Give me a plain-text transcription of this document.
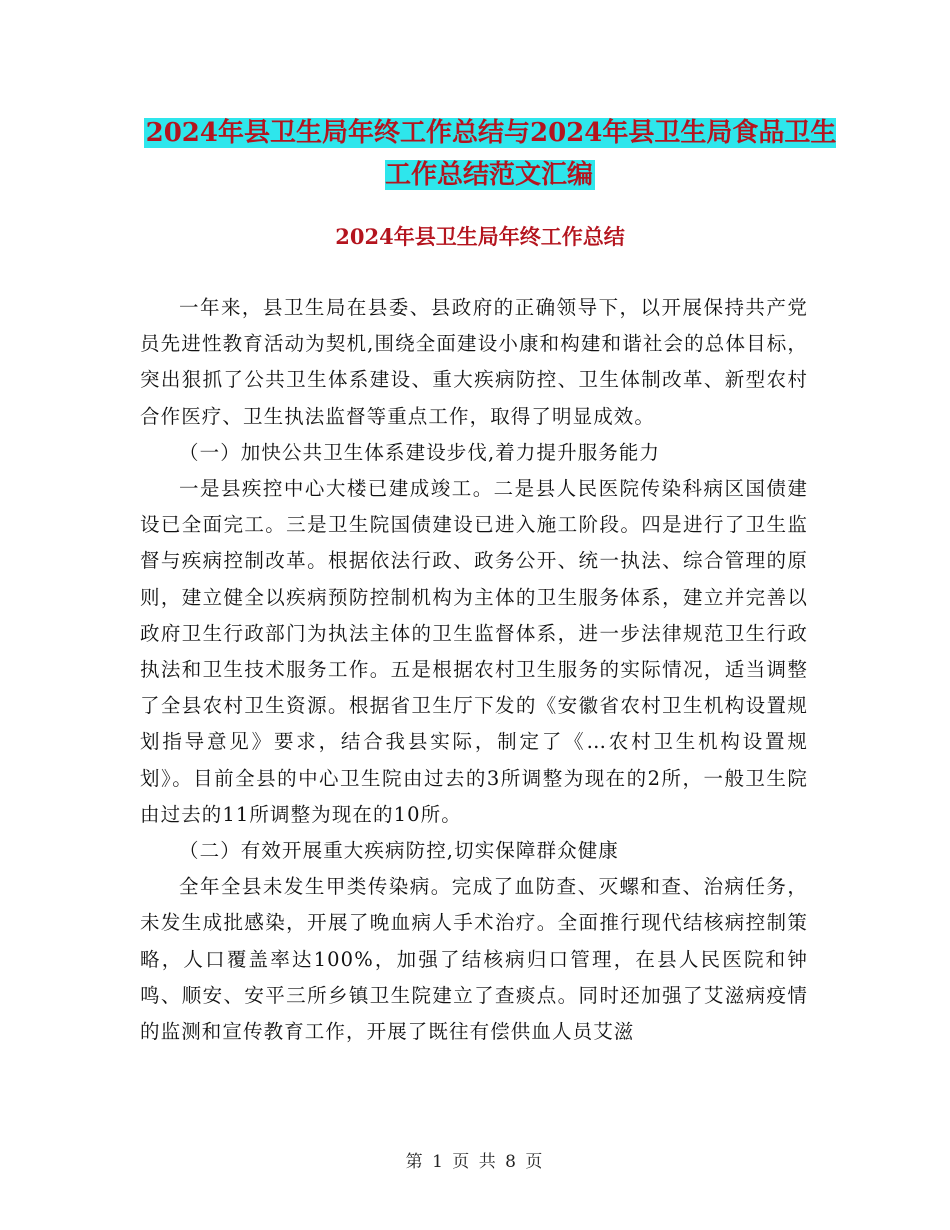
2024年县卫生局年终工作总结与2024年县卫生局食品卫生工作总结范文汇编
2024年县卫生局年终工作总结

一年来，县卫生局在县委、县政府的正确领导下，以开展保持共产党员先进性教育活动为契机,围绕全面建设小康和构建和谐社会的总体目标，突出狠抓了公共卫生体系建设、重大疾病防控、卫生体制改革、新型农村合作医疗、卫生执法监督等重点工作，取得了明显成效。

（一）加快公共卫生体系建设步伐,着力提升服务能力

一是县疾控中心大楼已建成竣工。二是县人民医院传染科病区国债建设已全面完工。三是卫生院国债建设已进入施工阶段。四是进行了卫生监督与疾病控制改革。根据依法行政、政务公开、统一执法、综合管理的原则，建立健全以疾病预防控制机构为主体的卫生服务体系，建立并完善以政府卫生行政部门为执法主体的卫生监督体系，进一步法律规范卫生行政执法和卫生技术服务工作。五是根据农村卫生服务的实际情况，适当调整了全县农村卫生资源。根据省卫生厅下发的《安徽省农村卫生机构设置规划指导意见》要求，结合我县实际，制定了《…农村卫生机构设置规划》。目前全县的中心卫生院由过去的3所调整为现在的2所，一般卫生院由过去的11所调整为现在的10所。

（二）有效开展重大疾病防控,切实保障群众健康

全年全县未发生甲类传染病。完成了血防查、灭螺和查、治病任务，未发生成批感染，开展了晚血病人手术治疗。全面推行现代结核病控制策略，人口覆盖率达100%，加强了结核病归口管理，在县人民医院和钟鸣、顺安、安平三所乡镇卫生院建立了查痰点。同时还加强了艾滋病疫情的监测和宣传教育工作，开展了既往有偿供血人员艾滋

第 1 页 共 8 页
